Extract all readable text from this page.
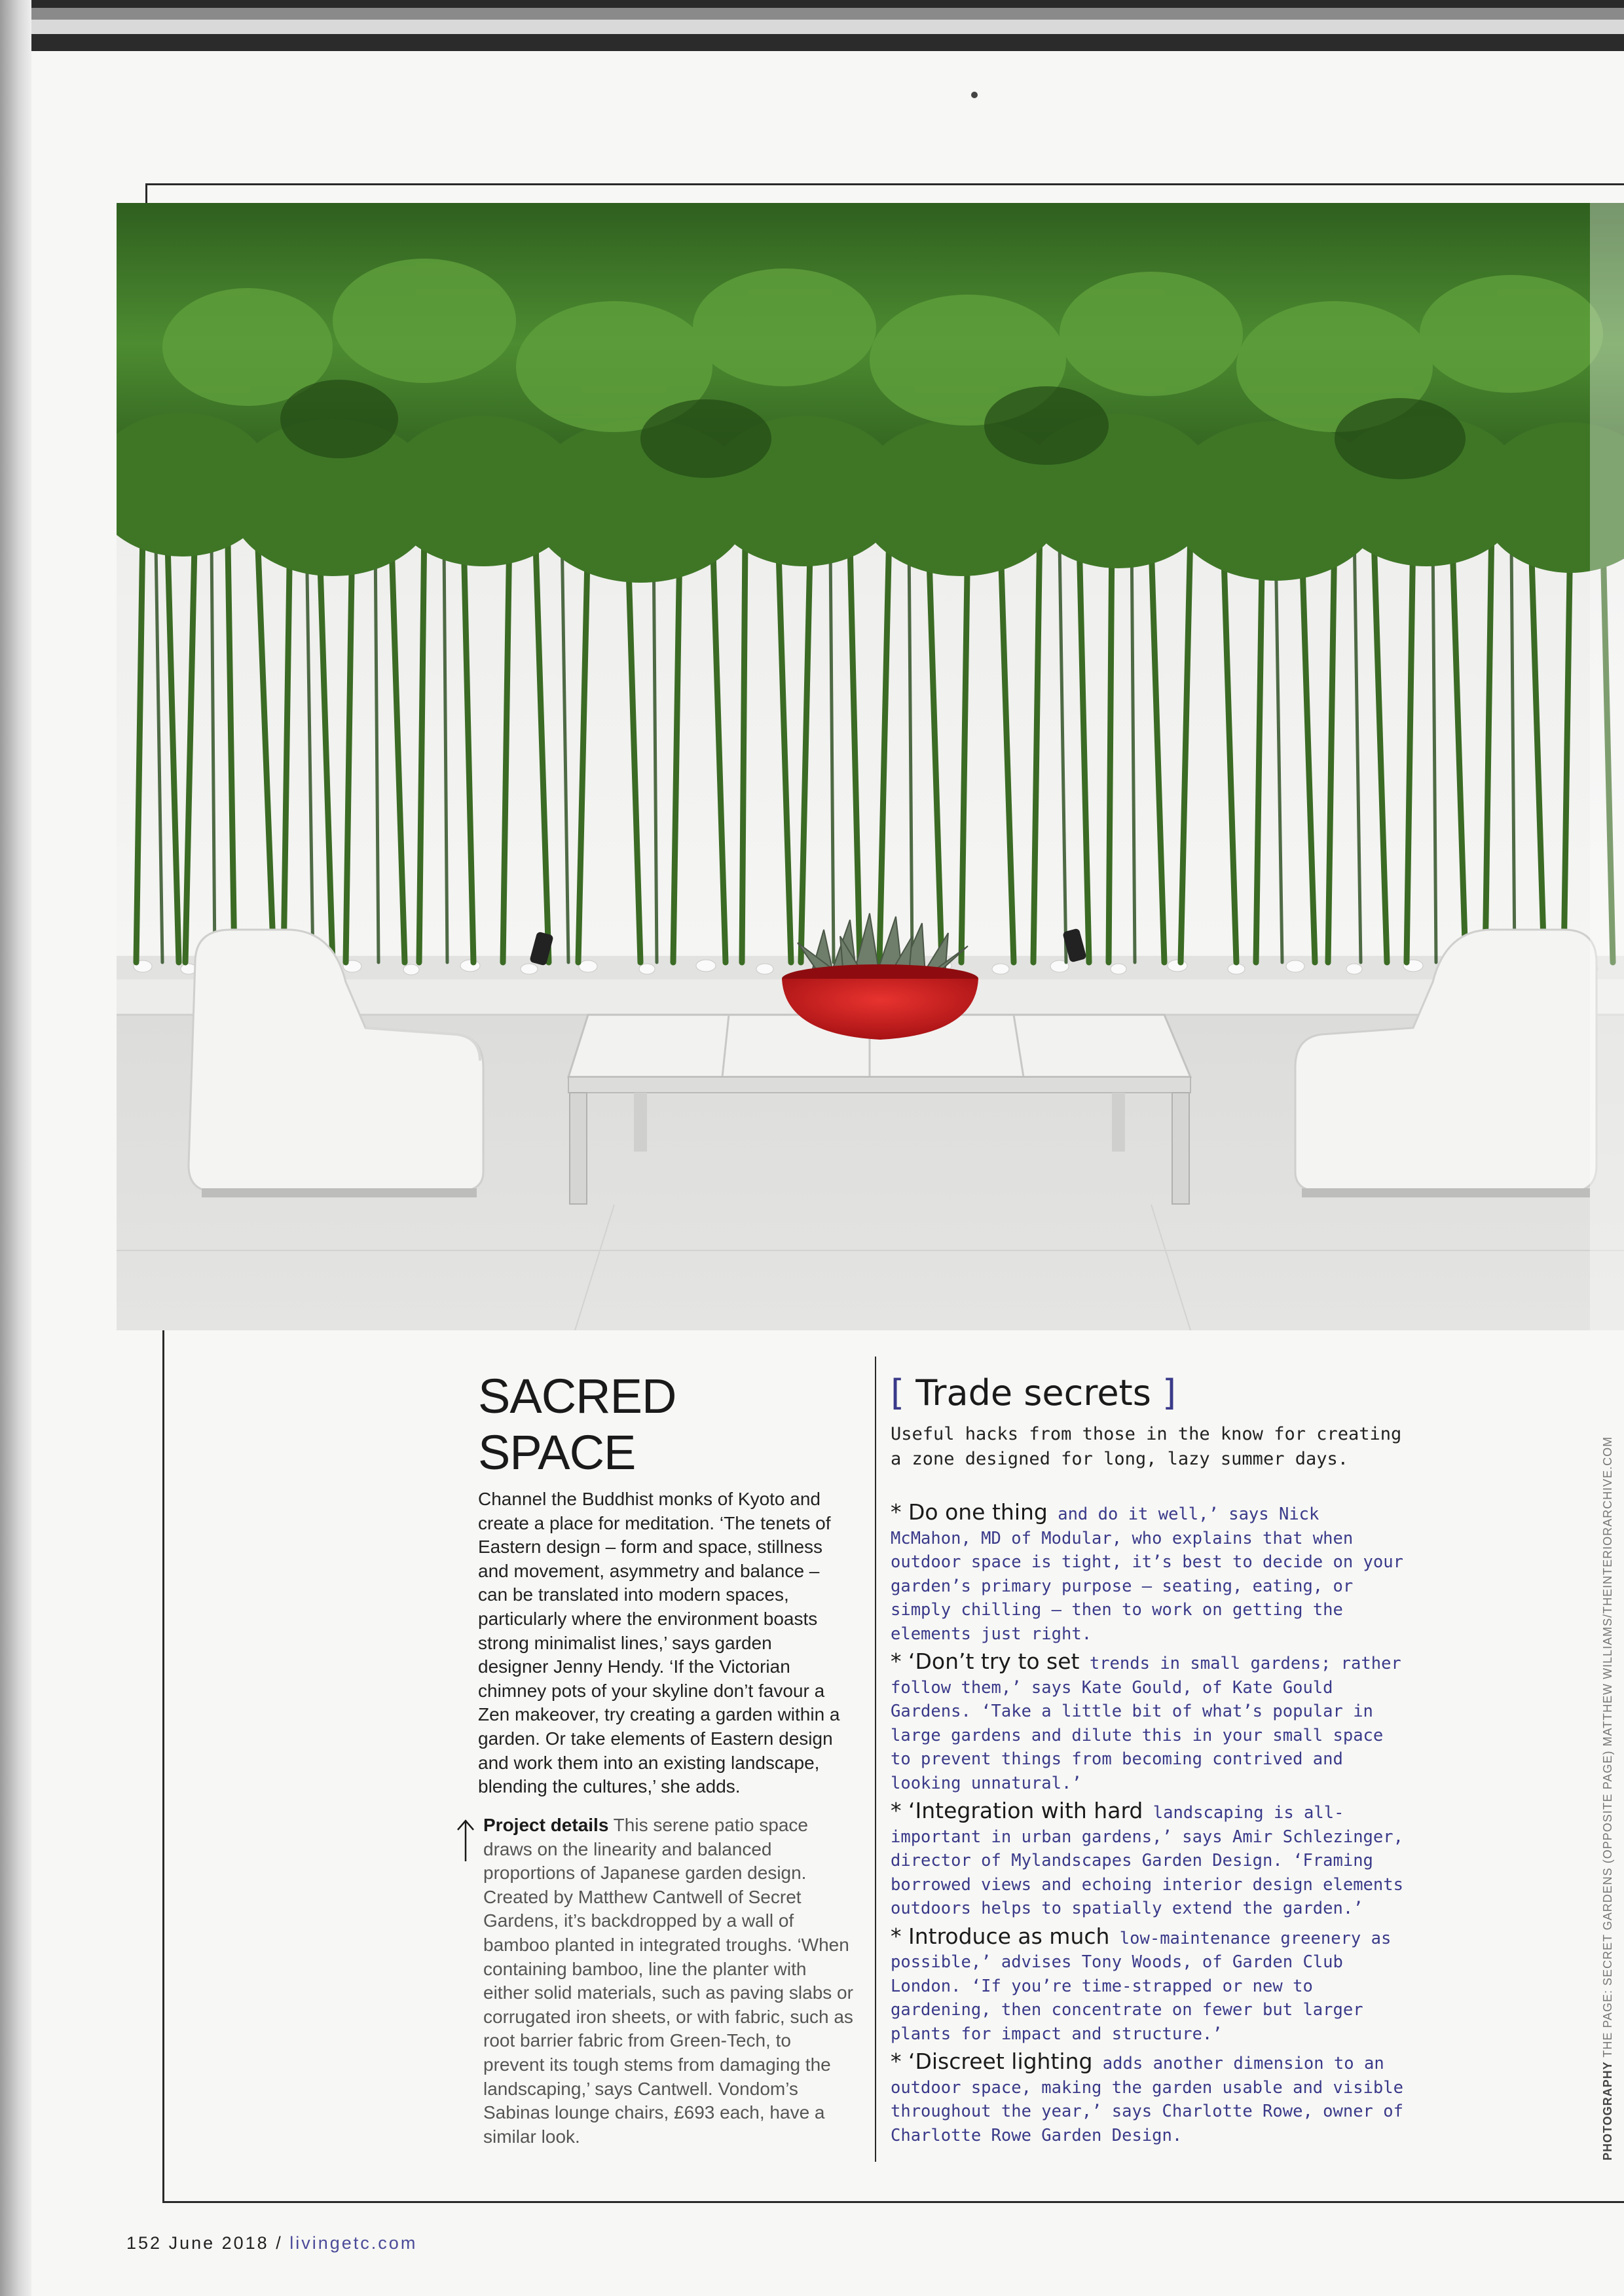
SACRED SPACE

Channel the Buddhist monks of Kyoto and create a place for meditation. ‘The tenets of Eastern design – form and space, stillness and movement, asymmetry and balance – can be translated into modern spaces, particularly where the environment boasts strong minimalist lines,’ says garden designer Jenny Hendy. ‘If the Victorian chimney pots of your skyline don’t favour a Zen makeover, try creating a garden within a garden. Or take elements of Eastern design and work them into an existing landscape, blending the cultures,’ she adds.

Project details This serene patio space draws on the linearity and balanced proportions of Japanese garden design. Created by Matthew Cantwell of Secret Gardens, it’s backdropped by a wall of bamboo planted in integrated troughs. ‘When containing bamboo, line the planter with either solid materials, such as paving slabs or corrugated iron sheets, or with fabric, such as root barrier fabric from Green-Tech, to prevent its tough stems from damaging the landscaping,’ says Cantwell. Vondom’s Sabinas lounge chairs, £693 each, have a similar look.
[ Trade secrets ]

Useful hacks from those in the know for creating a zone designed for long, lazy summer days.

* Do one thing and do it well,’ says Nick McMahon, MD of Modular, who explains that when outdoor space is tight, it’s best to decide on your garden’s primary purpose – seating, eating, or simply chilling – then to work on getting the elements just right.

* ‘Don’t try to set trends in small gardens; rather follow them,’ says Kate Gould, of Kate Gould Gardens. ‘Take a little bit of what’s popular in large gardens and dilute this in your small space to prevent things from becoming contrived and looking unnatural.’

* ‘Integration with hard landscaping is all-important in urban gardens,’ says Amir Schlezinger, director of Mylandscapes Garden Design. ‘Framing borrowed views and echoing interior design elements outdoors helps to spatially extend the garden.’

* Introduce as much low-maintenance greenery as possible,’ advises Tony Woods, of Garden Club London. ‘If you’re time-strapped or new to gardening, then concentrate on fewer but larger plants for impact and structure.’

* ‘Discreet lighting adds another dimension to an outdoor space, making the garden usable and visible throughout the year,’ says Charlotte Rowe, owner of Charlotte Rowe Garden Design.	PHOTOGRAPHY THE PAGE: SECRET GARDENS (OPPOSITE PAGE) MATTHEW WILLIAMS/THEINTERIORARCHIVE.COM
152 June 2018 / livingetc.com
